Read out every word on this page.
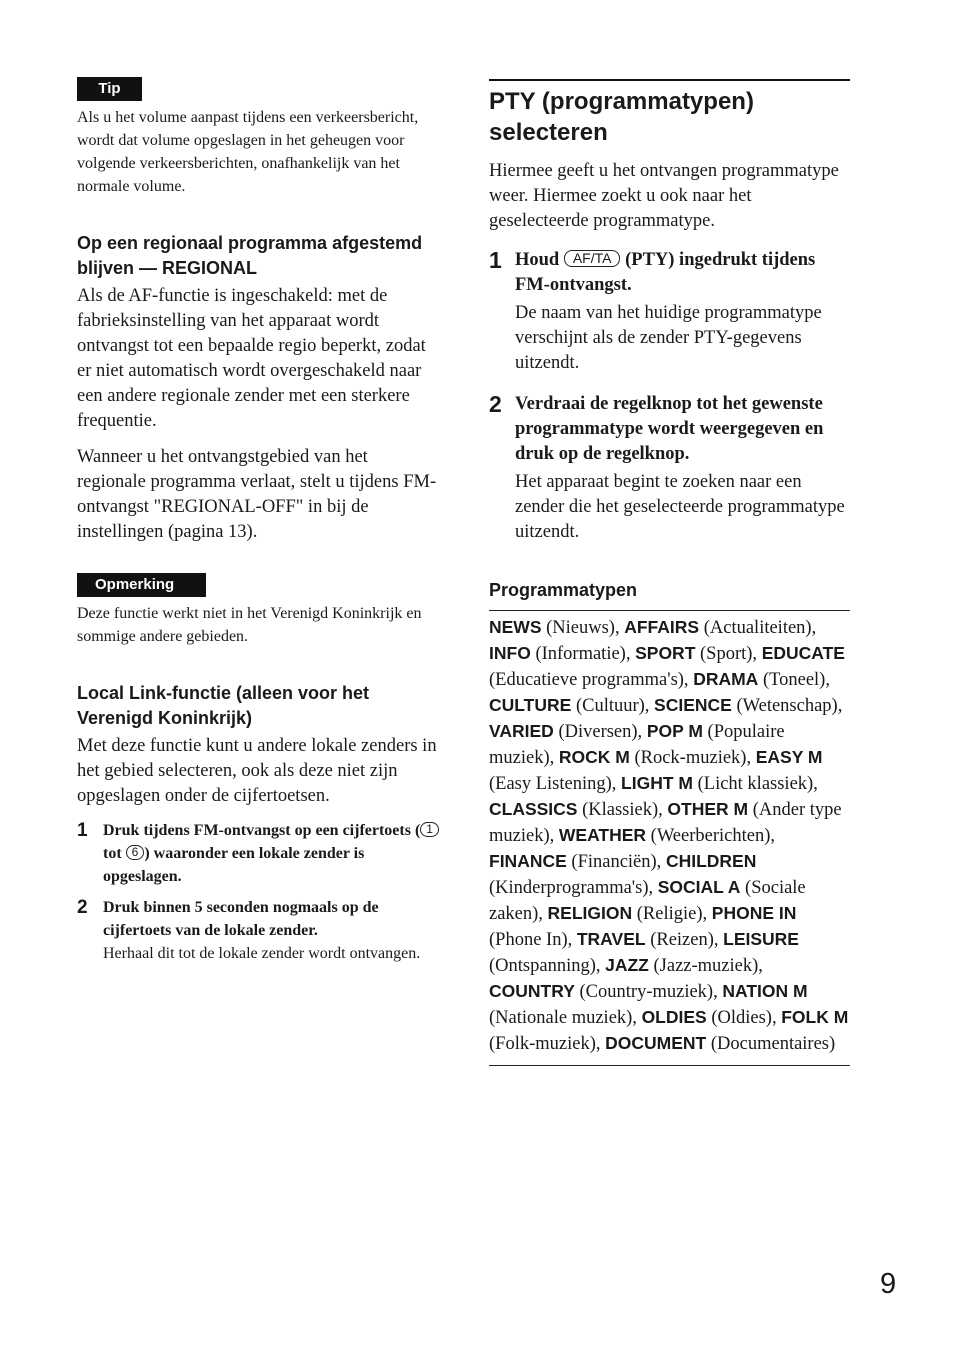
Tip

Als u het volume aanpast tijdens een verkeersbericht, wordt dat volume opgeslagen in het geheugen voor volgende verkeersberichten, onafhankelijk van het normale volume.

Op een regionaal programma afgestemd blijven — REGIONAL

Als de AF-functie is ingeschakeld: met de fabrieksinstelling van het apparaat wordt ontvangst tot een bepaalde regio beperkt, zodat er niet automatisch wordt overgeschakeld naar een andere regionale zender met een sterkere frequentie.

Wanneer u het ontvangstgebied van het regionale programma verlaat, stelt u tijdens FM-ontvangst "REGIONAL-OFF" in bij de instellingen (pagina 13).

Opmerking

Deze functie werkt niet in het Verenigd Koninkrijk en sommige andere gebieden.

Local Link-functie (alleen voor het Verenigd Koninkrijk)

Met deze functie kunt u andere lokale zenders in het gebied selecteren, ook als deze niet zijn opgeslagen onder de cijfertoetsen.

1 Druk tijdens FM-ontvangst op een cijfertoets ( 1 tot 6 ) waaronder een lokale zender is opgeslagen.

2 Druk binnen 5 seconden nogmaals op de cijfertoets van de lokale zender.

Herhaal dit tot de lokale zender wordt ontvangen.

PTY (programmatypen) selecteren

Hiermee geeft u het ontvangen programmatype weer. Hiermee zoekt u ook naar het geselecteerde programmatype.

1 Houd AF/TA (PTY) ingedrukt tijdens FM-ontvangst.

De naam van het huidige programmatype verschijnt als de zender PTY-gegevens uitzendt.

2 Verdraai de regelknop tot het gewenste programmatype wordt weergegeven en druk op de regelknop.

Het apparaat begint te zoeken naar een zender die het geselecteerde programmatype uitzendt.

Programmatypen

NEWS (Nieuws), AFFAIRS (Actualiteiten), INFO (Informatie), SPORT (Sport), EDUCATE (Educatieve programma's), DRAMA (Toneel), CULTURE (Cultuur), SCIENCE (Wetenschap), VARIED (Diversen), POP M (Populaire muziek), ROCK M (Rock-muziek), EASY M (Easy Listening), LIGHT M (Licht klassiek), CLASSICS (Klassiek), OTHER M (Ander type muziek), WEATHER (Weerberichten), FINANCE (Financiën), CHILDREN (Kinderprogramma's), SOCIAL A (Sociale zaken), RELIGION (Religie), PHONE IN (Phone In), TRAVEL (Reizen), LEISURE (Ontspanning), JAZZ (Jazz-muziek), COUNTRY (Country-muziek), NATION M (Nationale muziek), OLDIES (Oldies), FOLK M (Folk-muziek), DOCUMENT (Documentaires)

9
